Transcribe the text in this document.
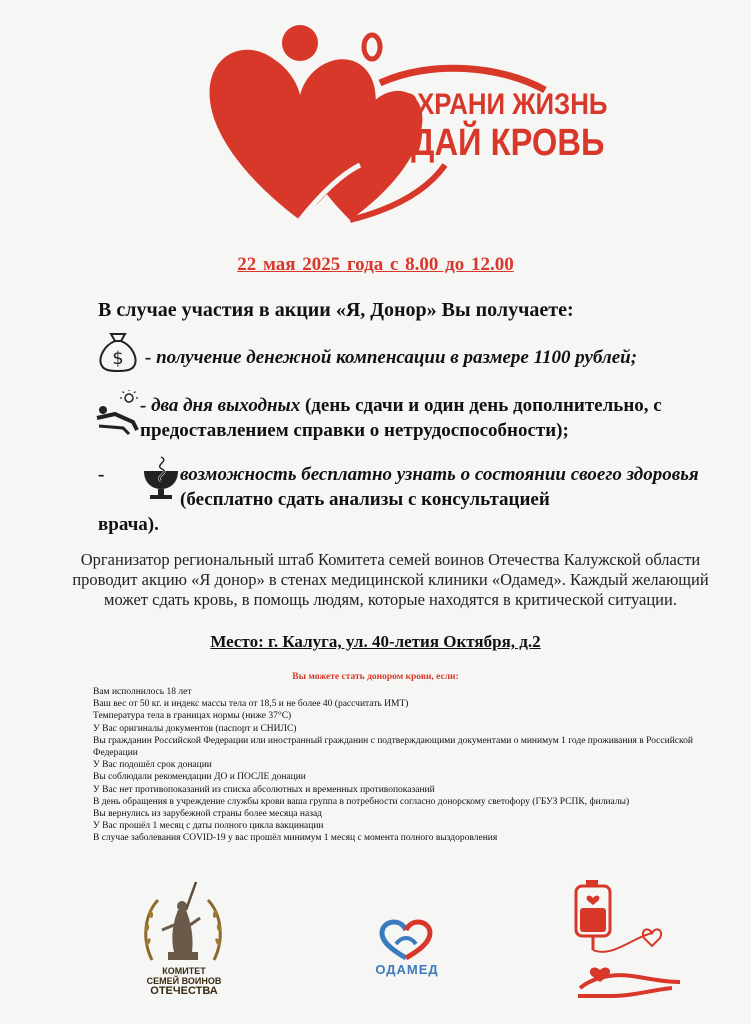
СОХРАНИ ЖИЗНЬ
СДАЙ КРОВЬ
22 мая 2025 года с 8.00 до 12.00
В случае участия в акции «Я, Донор» Вы получаете:
$ - получение денежной компенсации в размере 1100 рублей;
- два дня выходных (день сдачи и один день дополнительно, с предоставлением справки о нетрудоспособности);
-	возможность бесплатно узнать о состоянии своего здоровья (бесплатно сдать анализы с консультацией
врача).
Организатор региональный штаб Комитета семей воинов Отечества Калужской области проводит акцию «Я донор» в стенах медицинской клиники «Одамед». Каждый желающий может сдать кровь, в помощь людям, которые находятся в критической ситуации.
Место: г. Калуга, ул. 40-летия Октября, д.2
Вы можете стать донором крови, если:
Вам исполнилось 18 лет
Ваш вес от 50 кг. и индекс массы тела от 18,5 и не более 40 (рассчитать ИМТ)
Температура тела в границах нормы (ниже 37°С)
У Вас оригиналы документов (паспорт и СНИЛС)
Вы гражданин Российской Федерации или иностранный гражданин с подтверждающими документами о минимум 1 годе проживания в Российской Федерации
У Вас подошёл срок донации
Вы соблюдали рекомендации ДО и ПОСЛЕ донации
У Вас нет противопоказаний из списка абсолютных и временных противопоказаний
В день обращения в учреждение службы крови ваша группа в потребности согласно донорскому светофору (ГБУЗ РСПК, филиалы)
Вы вернулись из зарубежной страны более месяца назад
У Вас прошёл 1 месяц с даты полного цикла вакцинации
В случае заболевания COVID-19 у вас прошёл минимум 1 месяц с момента полного выздоровления
КОМИТЕТ
СЕМЕЙ ВОИНОВ
ОТЕЧЕСТВА
ОДАМЕД
